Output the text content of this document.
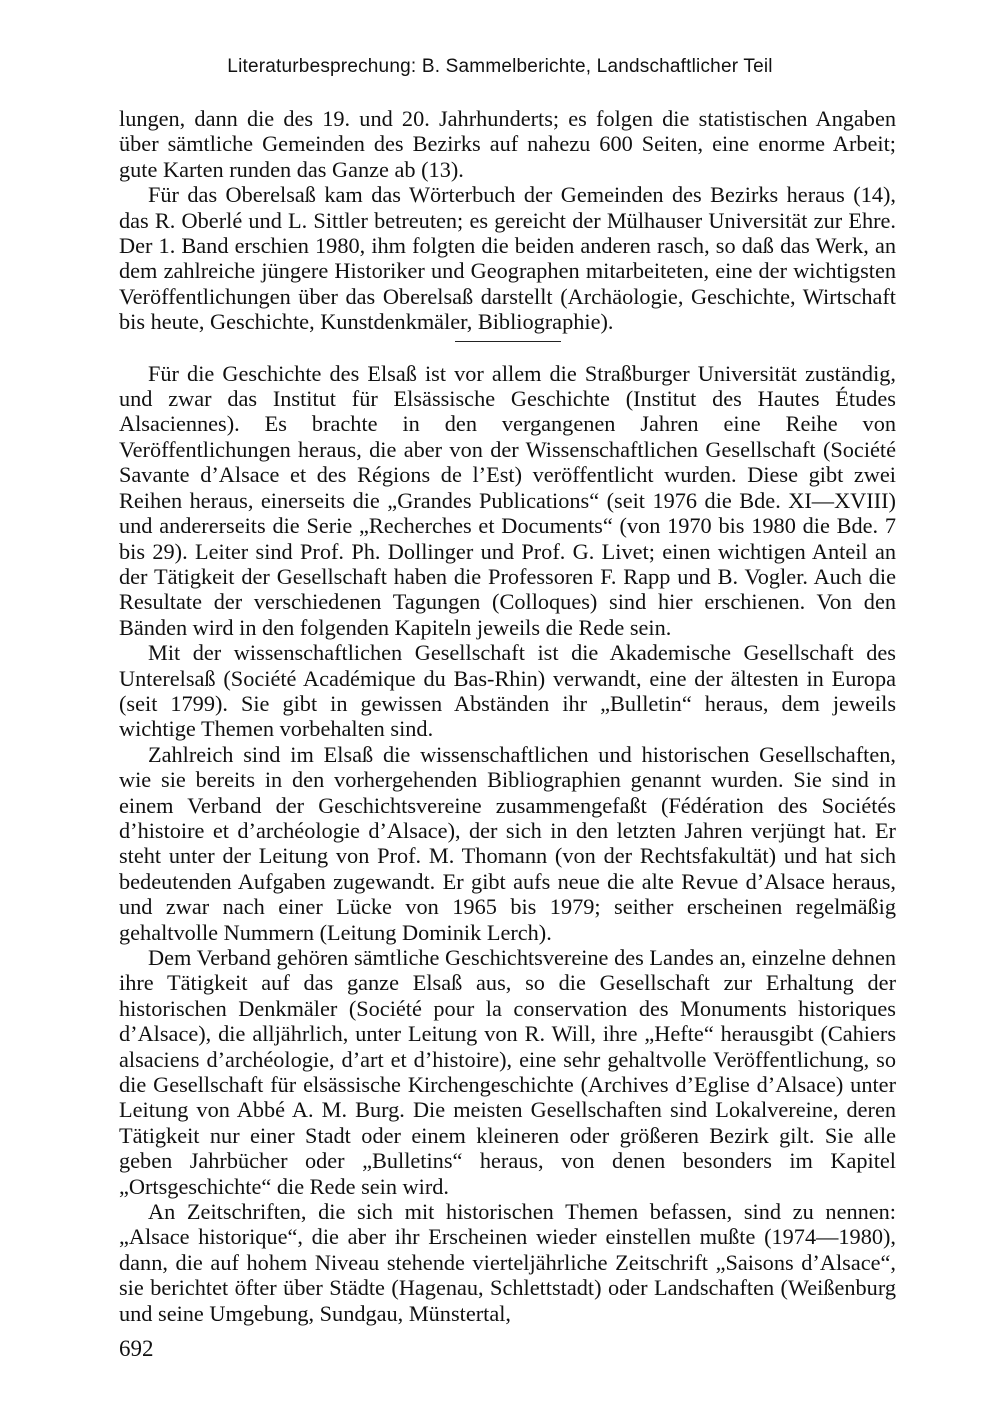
Literaturbesprechung: B. Sammelberichte, Landschaftlicher Teil

lungen, dann die des 19. und 20. Jahrhunderts; es folgen die statistischen Angaben über sämtliche Gemeinden des Bezirks auf nahezu 600 Seiten, eine enorme Arbeit; gute Karten runden das Ganze ab (13).

Für das Oberelsaß kam das Wörterbuch der Gemeinden des Bezirks heraus (14), das R. Oberlé und L. Sittler betreuten; es gereicht der Mülhauser Universität zur Ehre. Der 1. Band erschien 1980, ihm folgten die beiden anderen rasch, so daß das Werk, an dem zahlreiche jüngere Historiker und Geographen mitarbeiteten, eine der wichtigsten Veröffentlichungen über das Oberelsaß darstellt (Archäologie, Geschichte, Wirtschaft bis heute, Geschichte, Kunstdenkmäler, Bibliographie).

Für die Geschichte des Elsaß ist vor allem die Straßburger Universität zuständig, und zwar das Institut für Elsässische Geschichte (Institut des Hautes Études Alsaciennes). Es brachte in den vergangenen Jahren eine Reihe von Veröffentlichungen heraus, die aber von der Wissenschaftlichen Gesellschaft (Société Savante d’Alsace et des Régions de l’Est) veröffentlicht wurden. Diese gibt zwei Reihen heraus, einerseits die „Grandes Publications“ (seit 1976 die Bde. XI—XVIII) und andererseits die Serie „Recherches et Documents“ (von 1970 bis 1980 die Bde. 7 bis 29). Leiter sind Prof. Ph. Dollinger und Prof. G. Livet; einen wichtigen Anteil an der Tätigkeit der Gesellschaft haben die Professoren F. Rapp und B. Vogler. Auch die Resultate der verschiedenen Tagungen (Colloques) sind hier erschienen. Von den Bänden wird in den folgenden Kapiteln jeweils die Rede sein.

Mit der wissenschaftlichen Gesellschaft ist die Akademische Gesellschaft des Unterelsaß (Société Académique du Bas-Rhin) verwandt, eine der ältesten in Europa (seit 1799). Sie gibt in gewissen Abständen ihr „Bulletin“ heraus, dem jeweils wichtige Themen vorbehalten sind.

Zahlreich sind im Elsaß die wissenschaftlichen und historischen Gesellschaften, wie sie bereits in den vorhergehenden Bibliographien genannt wurden. Sie sind in einem Verband der Geschichtsvereine zusammengefaßt (Fédération des Sociétés d’histoire et d’archéologie d’Alsace), der sich in den letzten Jahren verjüngt hat. Er steht unter der Leitung von Prof. M. Thomann (von der Rechtsfakultät) und hat sich bedeutenden Aufgaben zugewandt. Er gibt aufs neue die alte Revue d’Alsace heraus, und zwar nach einer Lücke von 1965 bis 1979; seither erscheinen regelmäßig gehaltvolle Nummern (Leitung Dominik Lerch).

Dem Verband gehören sämtliche Geschichtsvereine des Landes an, einzelne dehnen ihre Tätigkeit auf das ganze Elsaß aus, so die Gesellschaft zur Erhaltung der historischen Denkmäler (Société pour la conservation des Monuments historiques d’Alsace), die alljährlich, unter Leitung von R. Will, ihre „Hefte“ herausgibt (Cahiers alsaciens d’archéologie, d’art et d’histoire), eine sehr gehaltvolle Veröffentlichung, so die Gesellschaft für elsässische Kirchengeschichte (Archives d’Eglise d’Alsace) unter Leitung von Abbé A. M. Burg. Die meisten Gesellschaften sind Lokalvereine, deren Tätigkeit nur einer Stadt oder einem kleineren oder größeren Bezirk gilt. Sie alle geben Jahrbücher oder „Bulletins“ heraus, von denen besonders im Kapitel „Ortsgeschichte“ die Rede sein wird.

An Zeitschriften, die sich mit historischen Themen befassen, sind zu nennen: „Alsace historique“, die aber ihr Erscheinen wieder einstellen mußte (1974—1980), dann, die auf hohem Niveau stehende vierteljährliche Zeitschrift „Saisons d’Alsace“, sie berichtet öfter über Städte (Hagenau, Schlettstadt) oder Landschaften (Weißenburg und seine Umgebung, Sundgau, Münstertal,

692
